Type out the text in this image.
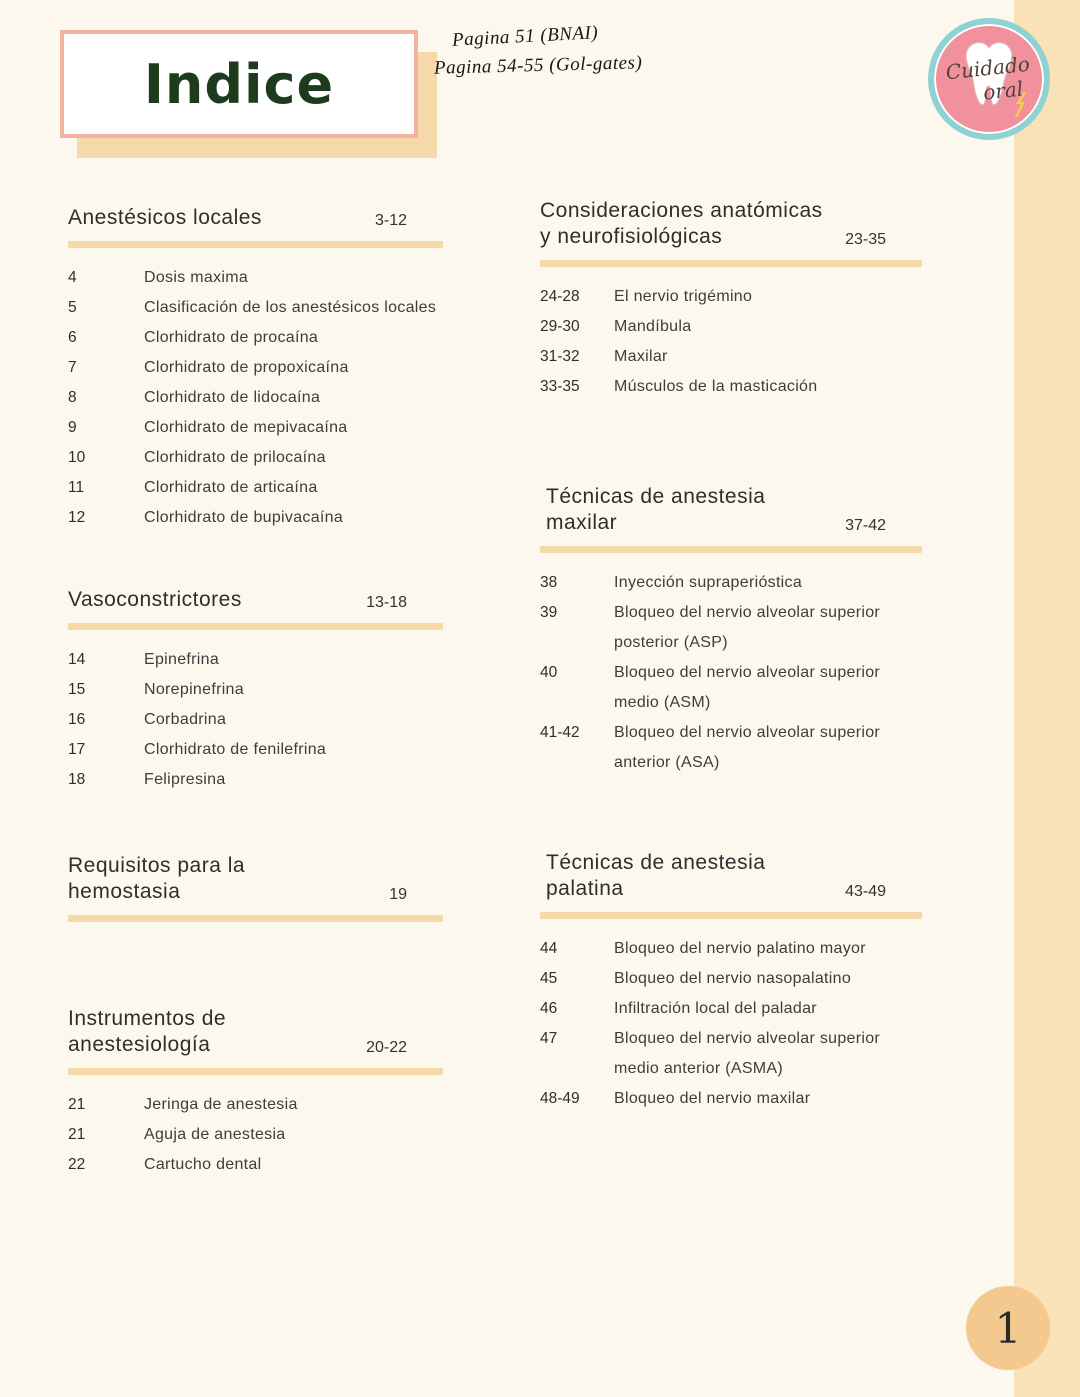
Indice
Pagina 51 (BNAI)
Pagina 54-55 (Gol-gates)	Cuidado
oral
Anestésicos locales	3-12
4	Dosis maxima
5	Clasificación de los anestésicos locales
6	Clorhidrato de procaína
7	Clorhidrato de propoxicaína
8	Clorhidrato de lidocaína
9	Clorhidrato de mepivacaína
10	Clorhidrato de prilocaína
11	Clorhidrato de articaína
12	Clorhidrato de bupivacaína
Vasoconstrictores	13-18
14	Epinefrina
15	Norepinefrina
16	Corbadrina
17	Clorhidrato de fenilefrina
18	Felipresina
Requisitos para la
hemostasia	19
Instrumentos de
anestesiología	20-22
21	Jeringa de anestesia
21	Aguja de anestesia
22	Cartucho dental
Consideraciones anatómicas
y neurofisiológicas	23-35
24-28	El nervio trigémino
29-30	Mandíbula
31-32	Maxilar
33-35	Músculos de la masticación
Técnicas de anestesia
maxilar	37-42
38	Inyección supraperióstica
39	Bloqueo del nervio alveolar superior posterior (ASP)
40	Bloqueo del nervio alveolar superior medio (ASM)
41-42	Bloqueo del nervio alveolar superior anterior (ASA)
Técnicas de anestesia
palatina	43-49
44	Bloqueo del nervio palatino mayor
45	Bloqueo del nervio nasopalatino
46	Infiltración local del paladar
47	Bloqueo del nervio alveolar superior medio anterior (ASMA)
48-49	Bloqueo del nervio maxilar
1
